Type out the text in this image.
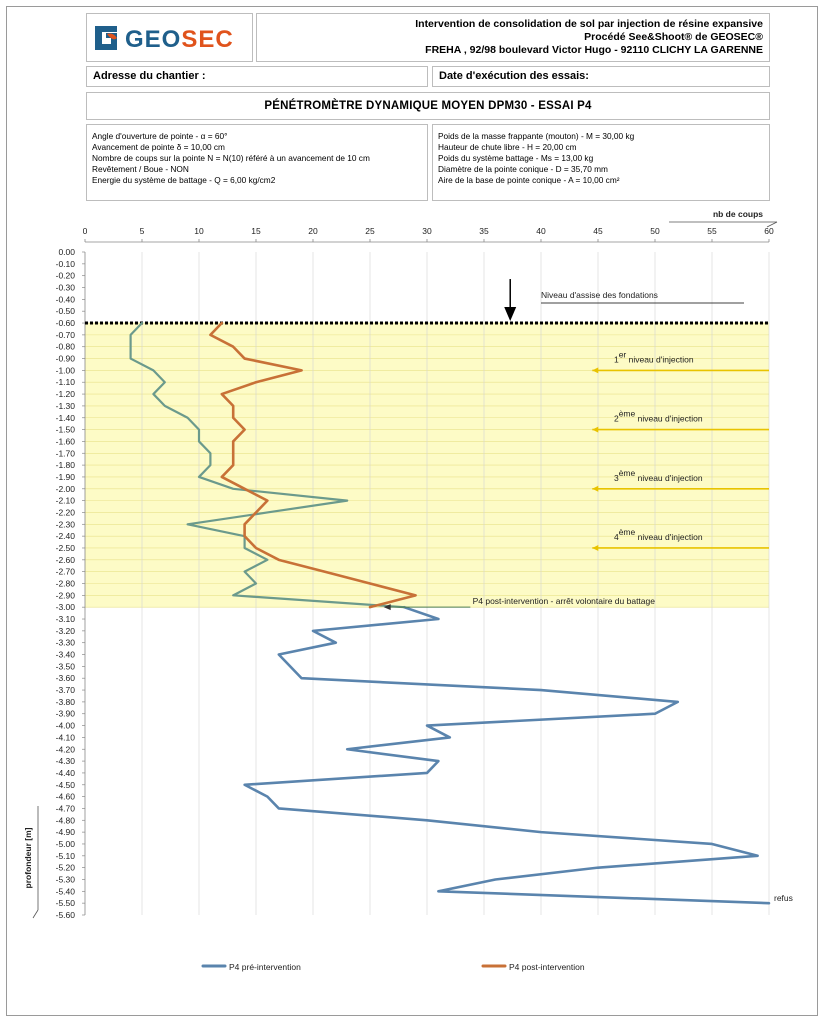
GEOSEC
Intervention de consolidation de sol par injection de résine expansive
Procédé See&Shoot® de GEOSEC®
FREHA , 92/98 boulevard Victor Hugo - 92110 CLICHY LA GARENNE
Adresse du chantier :	Date d'exécution des essais:
PÉNÉTROMÈTRE DYNAMIQUE MOYEN DPM30 - ESSAI P4
Angle d'ouverture de pointe - α = 60°
Avancement de pointe δ = 10,00 cm
Nombre de coups sur la pointe N = N(10) référé à un avancement de 10 cm
Revêtement / Boue - NON
Energie du système de battage - Q = 6,00 kg/cm2
Poids de la masse frappante (mouton) - M = 30,00 kg
Hauteur de chute libre - H = 20,00 cm
Poids du système battage - Ms = 13,00 kg
Diamètre de la pointe conique - D = 35,70 mm
Aire de la base de pointe conique - A = 10,00 cm²
0	5	10	15	20	25	30	35	40	45	50	55	60
nb de coups
0.00
-0.10
-0.20
-0.30
-0.40
-0.50
-0.60
-0.70
-0.80
-0.90
-1.00
-1.10
-1.20
-1.30
-1.40
-1.50
-1.60
-1.70
-1.80
-1.90
-2.00
-2.10
-2.20
-2.30
-2.40
-2.50
-2.60
-2.70
-2.80
-2.90
-3.00
-3.10
-3.20
-3.30
-3.40
-3.50
-3.60
-3.70
-3.80
-3.90
-4.00
-4.10
-4.20
-4.30
-4.40
-4.50
-4.60
-4.70
-4.80
-4.90
-5.00
-5.10
-5.20
-5.30
-5.40
-5.50
-5.60
profondeur [m]
Niveau d'assise des fondations
1er niveau d'injection
2ème niveau d'injection
3ème niveau d'injection
4ème niveau d'injection
P4 post-intervention - arrêt volontaire du battage
refus
P4 pré-intervention	P4 post-intervention
